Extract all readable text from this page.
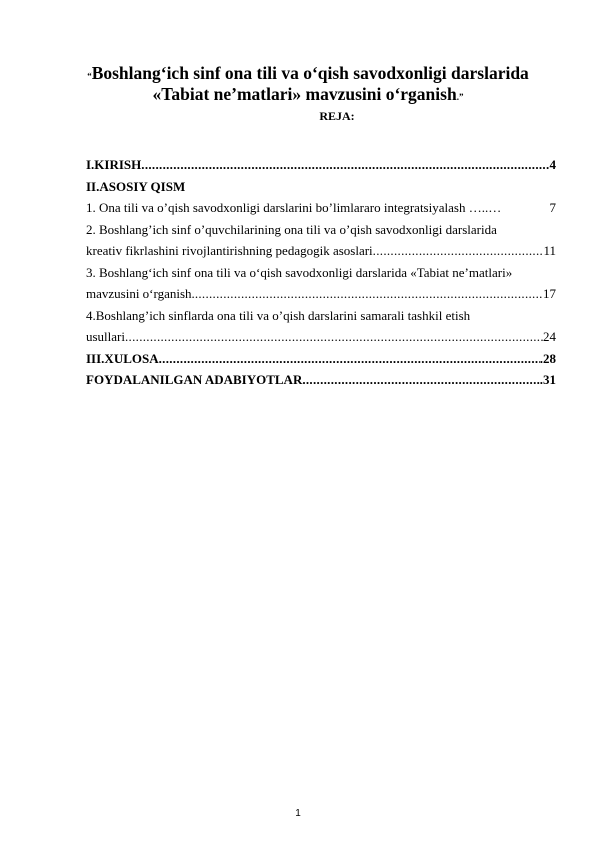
“Boshlang‘ich sinf ona tili va o‘qish savodxonligi darslarida
«Tabiat ne’matlari» mavzusini o‘rganish.”
REJA:
I.KIRISH .....	4
II.ASOSIY QISM
1. Ona tili va o’qish savodxonligi darslarini bo’limlararo integratsiyalash …..…	7
2. Boshlang’ich sinf o’quvchilarining ona tili va o’qish savodxonligi darslarida
kreativ fikrlashini rivojlantirishning pedagogik asoslari .....	11
3. Boshlang‘ich sinf ona tili va o‘qish savodxonligi darslarida «Tabiat ne’matlari»
mavzusini o‘rganish. .....	17
4.Boshlang’ich sinflarda ona tili va o’qish darslarini samarali tashkil etish
usullari .....	24
III.XULOSA .....	.28
FOYDALANILGAN ADABIYOTLAR .....	.31
1
